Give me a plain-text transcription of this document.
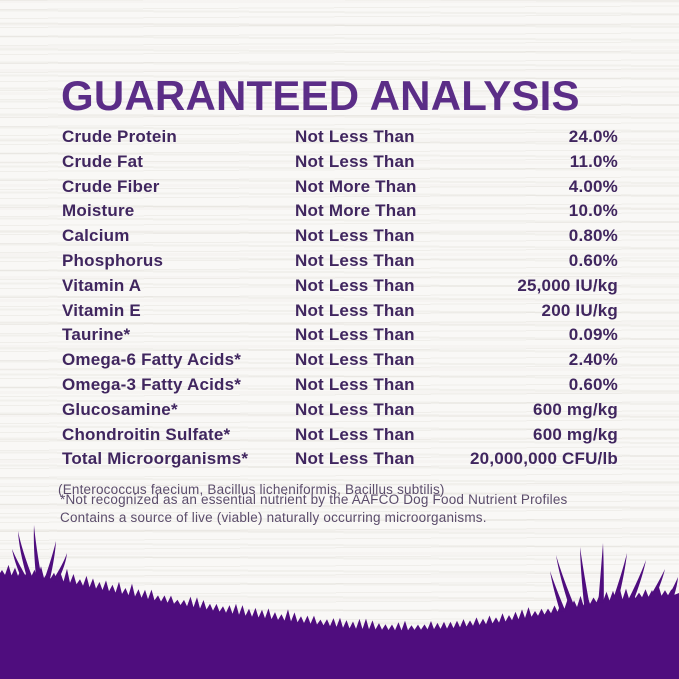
GUARANTEED ANALYSIS
Crude Protein	Not Less Than	24.0%
Crude Fat	Not Less Than	11.0%
Crude Fiber	Not More Than	4.00%
Moisture	Not More Than	10.0%
Calcium	Not Less Than	0.80%
Phosphorus	Not Less Than	0.60%
Vitamin A	Not Less Than	25,000 IU/kg
Vitamin E	Not Less Than	200 IU/kg
Taurine*	Not Less Than	0.09%
Omega-6 Fatty Acids*	Not Less Than	2.40%
Omega-3 Fatty Acids*	Not Less Than	0.60%
Glucosamine*	Not Less Than	600 mg/kg
Chondroitin Sulfate*	Not Less Than	600 mg/kg
Total Microorganisms*	Not Less Than	20,000,000 CFU/lb

(Enterococcus faecium, Bacillus licheniformis, Bacillus subtilis)

*Not recognized as an essential nutrient by the AAFCO Dog Food Nutrient Profiles
Contains a source of live (viable) naturally occurring microorganisms.
